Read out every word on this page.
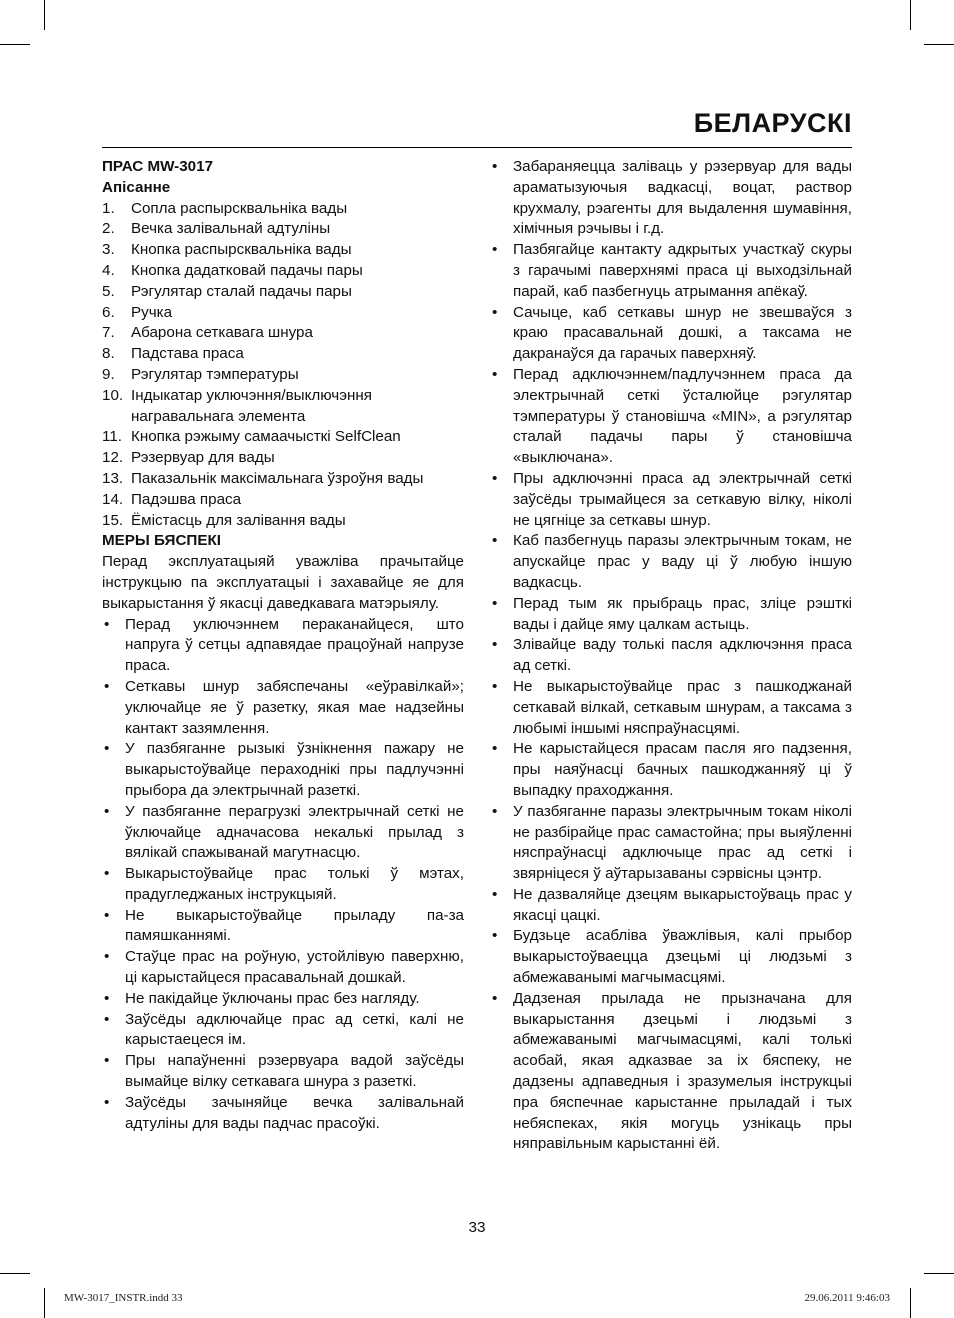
БЕЛАРУСКІ

ПРАС MW-3017

Апісанне

1. Сопла распырсквальніка вады
2. Вечка залівальнай адтуліны
3. Кнопка распырсквальніка вады
4. Кнопка дадатковай падачы пары
5. Рэгулятар сталай падачы пары
6. Ручка
7. Абарона сеткавага шнура
8. Падстава праса
9. Рэгулятар тэмпературы
10. Індыкатар уключэння/выключэння награвальнага элемента
11. Кнопка рэжыму самаачысткі SelfClean
12. Рэзервуар для вады
13. Паказальнік максімальнага ўзроўня вады
14. Падэшва праса
15. Ёмістасць для залівання вады

МЕРЫ БЯСПЕКІ

Перад эксплуатацыяй уважліва прачытайце інструкцыю па эксплуатацыі і захавайце яе для выкарыстання ў якасці даведкавага матэрыялу.

• Перад уключэннем пераканайцеся, што напруга ў сетцы адпавядае працоўнай напрузе праса.
• Сеткавы шнур забяспечаны «еўравілкай»; уключайце яе ў разетку, якая мае надзейны кантакт зазямлення.
• У пазбяганне рызыкі ўзнікнення пажару не выкарыстоўвайце пераходнікі пры падлучэнні прыбора да электрычнай разеткі.
• У пазбяганне перагрузкі электрычнай сеткі не ўключайце адначасова некалькі прылад з вялікай спажыванай магутнасцю.
• Выкарыстоўвайце прас толькі ў мэтах, прадугледжаных інструкцыяй.
• Не выкарыстоўвайце прыладу па-за памяшканнямі.
• Стаўце прас на роўную, устойлівую паверхню, ці карыстайцеся прасавальнай дошкай.
• Не пакідайце ўключаны прас без нагляду.
• Заўсёды адключайце прас ад сеткі, калі не карыстаецеся ім.
• Пры напаўненні рэзервуара вадой заўсёды вымайце вілку сеткавага шнура з разеткі.
• Заўсёды зачыняйце вечка залівальнай адтуліны для вады падчас прасоўкі.
• Забараняецца заліваць у рэзервуар для вады араматызуючыя вадкасці, воцат, раствор крухмалу, рэагенты для выдалення шумавіння, хімічныя рэчывы і г.д.
• Пазбягайце кантакту адкрытых участкаў скуры з гарачымі паверхнямі праса ці выходзільнай парай, каб пазбегнуць атрымання апёкаў.
• Сачыце, каб сеткавы шнур не звешваўся з краю прасавальнай дошкі, а таксама не дакранаўся да гарачых паверхняў.
• Перад адключэннем/падлучэннем праса да электрычнай сеткі ўсталюйце рэгулятар тэмпературы ў становішча «MIN», а рэгулятар сталай падачы пары ў становішча «выключана».
• Пры адключэнні праса ад электрычнай сеткі заўсёды трымайцеся за сеткавую вілку, ніколі не цягніце за сеткавы шнур.
• Каб пазбегнуць паразы электрычным токам, не апускайце прас у ваду ці ў любую іншую вадкасць.
• Перад тым як прыбраць прас, зліце рэшткі вады і дайце яму цалкам астыць.
• Злівайце ваду толькі пасля адключэння праса ад сеткі.
• Не выкарыстоўвайце прас з пашкоджанай сеткавай вілкай, сеткавым шнурам, а таксама з любымі іншымі няспраўнасцямі.
• Не карыстайцеся прасам пасля яго падзення, пры наяўнасці бачных пашкоджанняў ці ў выпадку праходжання.
• У пазбяганне паразы электрычным токам ніколі не разбірайце прас самастойна; пры выяўленні няспраўнасці адключыце прас ад сеткі і звярніцеся ў аўтарызаваны сэрвісны цэнтр.
• Не дазваляйце дзецям выкарыстоўваць прас у якасці цацкі.
• Будзьце асабліва ўважлівыя, калі прыбор выкарыстоўваецца дзецьмі ці людзьмі з абмежаванымі магчымасцямі.
• Дадзеная прылада не прызначана для выкарыстання дзецьмі і людзьмі з абмежаванымі магчымасцямі, калі толькі асобай, якая адказвае за іх бяспеку, не дадзены адпаведныя і зразумелыя інструкцыі пра бяспечнае карыстанне прыладай і тых небяспеках, якія могуць узнікаць пры няправільным карыстанні ёй.
33
MW-3017_INSTR.indd 33	29.06.2011 9:46:03
